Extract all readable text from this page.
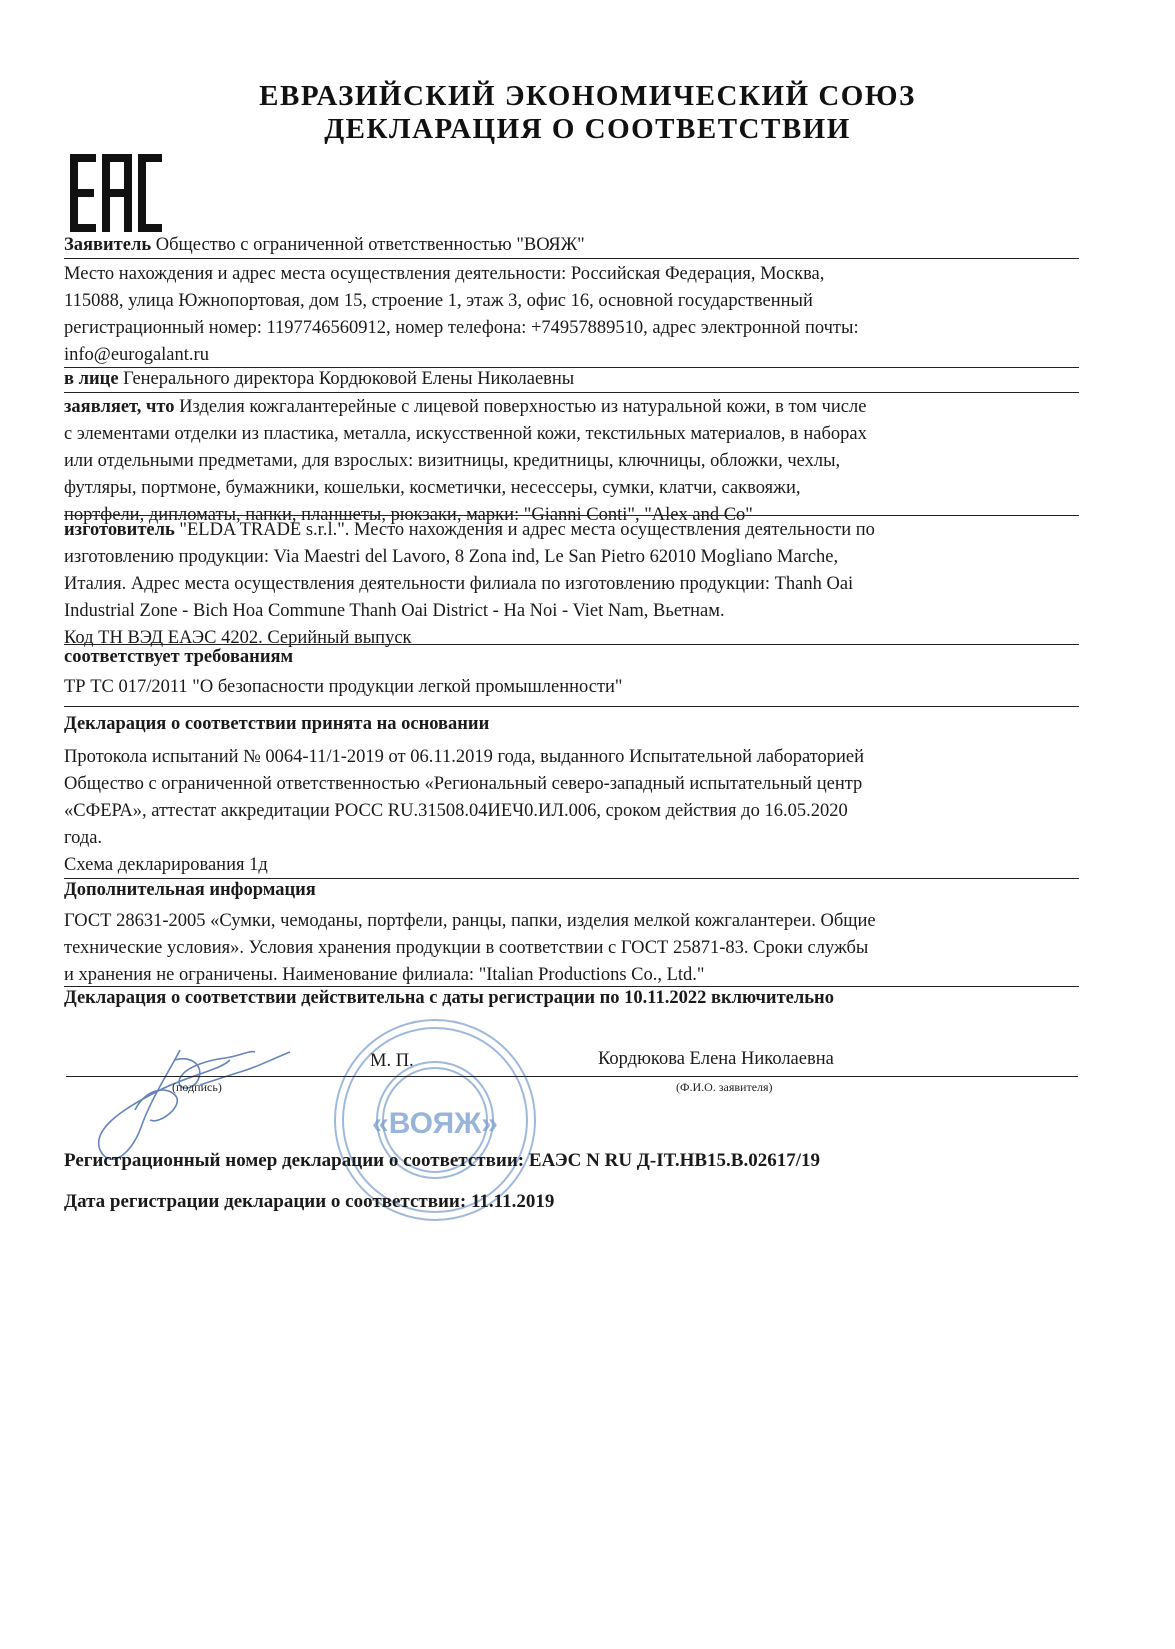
ЕВРАЗИЙСКИЙ ЭКОНОМИЧЕСКИЙ СОЮЗ
ДЕКЛАРАЦИЯ О СООТВЕТСТВИИ
Заявитель Общество с ограниченной ответственностью "ВОЯЖ"
Место нахождения и адрес места осуществления деятельности: Российская Федерация, Москва,
115088, улица Южнопортовая, дом 15, строение 1, этаж 3, офис 16, основной государственный
регистрационный номер: 1197746560912, номер телефона: +74957889510, адрес электронной почты:
info@eurogalant.ru
в лице Генерального директора Кордюковой Елены Николаевны
заявляет, что Изделия кожгалантерейные с лицевой поверхностью из натуральной кожи, в том числе
с элементами отделки из пластика, металла, искусственной кожи, текстильных материалов, в наборах
или отдельными предметами, для взрослых: визитницы, кредитницы, ключницы, обложки, чехлы,
футляры, портмоне, бумажники, кошельки, косметички, несессеры, сумки, клатчи, саквояжи,
портфели, дипломаты, папки, планшеты, рюкзаки, марки: "Gianni Conti", "Alex and Co"
изготовитель "ELDA TRADE s.r.l.". Место нахождения и адрес места осуществления деятельности по
изготовлению продукции: Via Maestri del Lavoro, 8 Zona ind, Le San Pietro 62010 Mogliano Marche,
Италия. Адрес места осуществления деятельности филиала по изготовлению продукции: Thanh Oai
Industrial Zone - Bich Hoa Commune Thanh Oai District - Ha Noi - Viet Nam, Вьетнам.
Код ТН ВЭД ЕАЭС 4202. Серийный выпуск
соответствует требованиям
ТР ТС 017/2011 "О безопасности продукции легкой промышленности"
Декларация о соответствии принята на основании
Протокола испытаний № 0064-11/1-2019 от 06.11.2019 года, выданного Испытательной лабораторией
Общество с ограниченной ответственностью «Региональный северо-западный испытательный центр
«СФЕРА», аттестат аккредитации РОСС RU.31508.04ИЕЧ0.ИЛ.006, сроком действия до 16.05.2020
года.
Схема декларирования 1д
Дополнительная информация
ГОСТ 28631-2005 «Сумки, чемоданы, портфели, ранцы, папки, изделия мелкой кожгалантереи. Общие
технические условия». Условия хранения продукции в соответствии с ГОСТ 25871-83. Сроки службы
и хранения не ограничены. Наименование филиала: "Italian Productions Co., Ltd."
Декларация о соответствии действительна с даты регистрации по 10.11.2022 включительно
«ВОЯЖ»
М. П.	Кордюкова Елена Николаевна
(подпись)	(Ф.И.О. заявителя)
Регистрационный номер декларации о соответствии: ЕАЭС N RU Д-IT.HB15.B.02617/19
Дата регистрации декларации о соответствии: 11.11.2019
